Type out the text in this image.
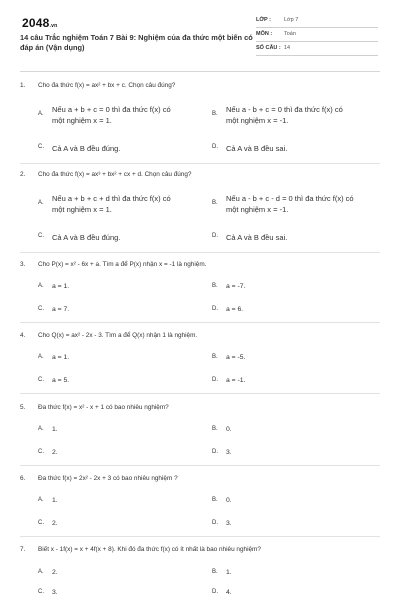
2048.vn
14 câu Trắc nghiệm Toán 7 Bài 9: Nghiệm của đa thức một biến có đáp án (Vận dụng)
LỚP : Lớp 7
MÔN : Toán
SỐ CÂU : 14
1. Cho đa thức f(x) = ax² + bx + c. Chọn câu đúng?
A. Nếu a + b + c = 0 thì đa thức f(x) có
một nghiệm x = 1.
B. Nếu a - b + c = 0 thì đa thức f(x) có
một nghiệm x = -1.
C. Cả A và B đều đúng.	D. Cả A và B đều sai.
2. Cho đa thức f(x) = ax³ + bx² + cx + d. Chọn câu đúng?
A. Nếu a + b + c + d thì đa thức f(x) có
một nghiệm x = 1.
B. Nếu a - b + c - d = 0 thì đa thức f(x) có
một nghiệm x = -1.
C. Cả A và B đều đúng.	D. Cả A và B đều sai.
3. Cho P(x) = x² - 6x + a. Tìm a để P(x) nhận x = -1 là nghiệm.
A. a = 1.	B. a = -7.
C. a = 7.	D. a = 6.
4. Cho Q(x) = ax² - 2x - 3. Tìm a để Q(x) nhận 1 là nghiệm.
A. a = 1.	B. a = -5.
C. a = 5.	D. a = -1.
5. Đa thức f(x) = x² - x + 1 có bao nhiêu nghiệm?
A. 1.	B. 0.
C. 2.	D. 3.
6. Đa thức f(x) = 2x² - 2x + 3 có bao nhiêu nghiệm ?
A. 1.	B. 0.
C. 2.	D. 3.
7. Biết x - 1f(x) = x + 4f(x + 8). Khi đó đa thức f(x) có ít nhất là bao nhiêu nghiệm?
A. 2.	B. 1.
C. 3.	D. 4.
